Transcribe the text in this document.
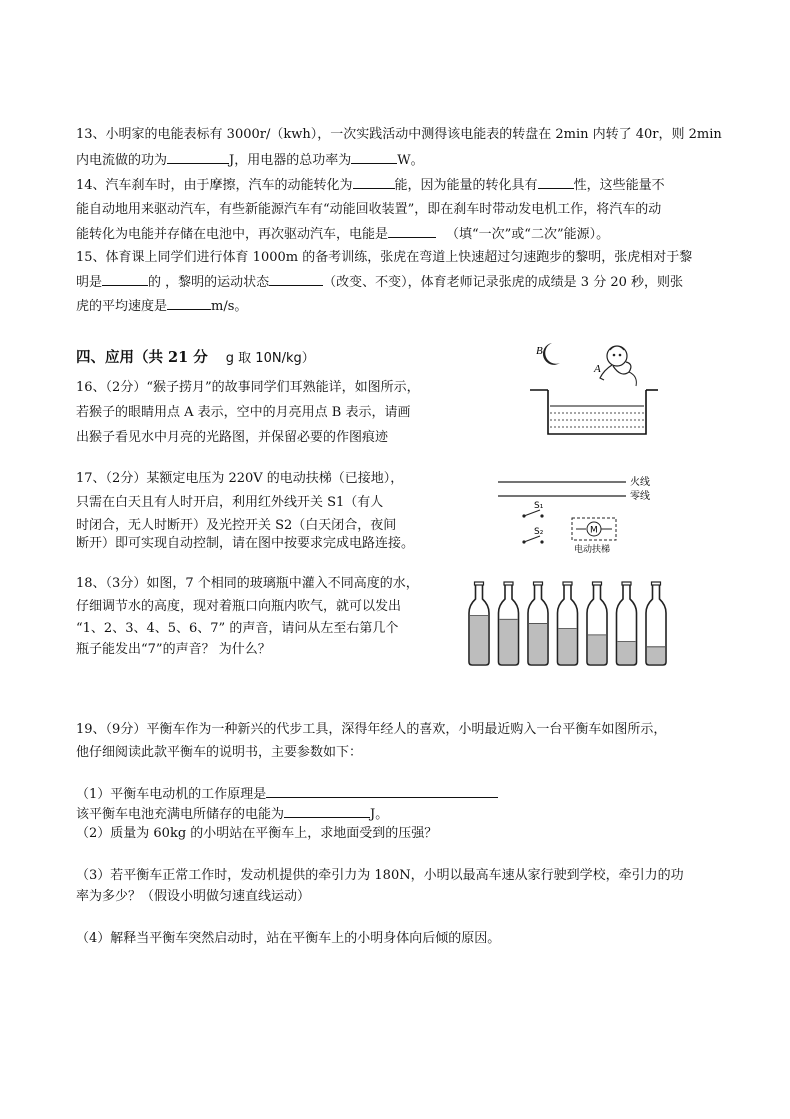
13、小明家的电能表标有 3000r/（kwh），一次实践活动中测得该电能表的转盘在 2min 内转了 40r，则 2min
内电流做的功为	J，用电器的总功率为	W。
14、汽车刹车时，由于摩擦，汽车的动能转化为	能，因为能量的转化具有	性，这些能量不
能自动地用来驱动汽车，有些新能源汽车有“动能回收装置”，即在刹车时带动发电机工作，将汽车的动
能转化为电能并存储在电池中，再次驱动汽车，电能是	（填“一次”或“二次”能源）。
15、体育课上同学们进行体育 1000m 的备考训练，张虎在弯道上快速超过匀速跑步的黎明，张虎相对于黎
明是	的 ，黎明的运动状态	（改变、不变），体育老师记录张虎的成绩是 3 分 20 秒，则张
虎的平均速度是	m/s。
四、应用（共 21 分 g 取 10N/kg）
16、（2分）“猴子捞月”的故事同学们耳熟能详，如图所示，
若猴子的眼睛用点 A 表示，空中的月亮用点 B 表示，请画
出猴子看见水中月亮的光路图，并保留必要的作图痕迹
B
A
17、（2分）某额定电压为 220V 的电动扶梯（已接地），
只需在白天且有人时开启，利用红外线开关 S1（有人
时闭合，无人时断开）及光控开关 S2（白天闭合，夜间
断开）即可实现自动控制，请在图中按要求完成电路连接。
火线
零线
S₁
S₂	M
电动扶梯
18、（3分）如图，7 个相同的玻璃瓶中灌入不同高度的水，
仔细调节水的高度，现对着瓶口向瓶内吹气，就可以发出
“1、2、3、4、5、6、7” 的声音，请问从左至右第几个
瓶子能发出“7”的声音？ 为什么？
19、（9分）平衡车作为一种新兴的代步工具，深得年经人的喜欢，小明最近购入一台平衡车如图所示，
他仔细阅读此款平衡车的说明书，主要参数如下：
（1）平衡车电动机的工作原理是
该平衡车电池充满电所储存的电能为	J。
（2）质量为 60kg 的小明站在平衡车上，求地面受到的压强？
（3）若平衡车正常工作时，发动机提供的牵引力为 180N，小明以最高车速从家行驶到学校，牵引力的功
率为多少？（假设小明做匀速直线运动）
（4）解释当平衡车突然启动时，站在平衡车上的小明身体向后倾的原因。
